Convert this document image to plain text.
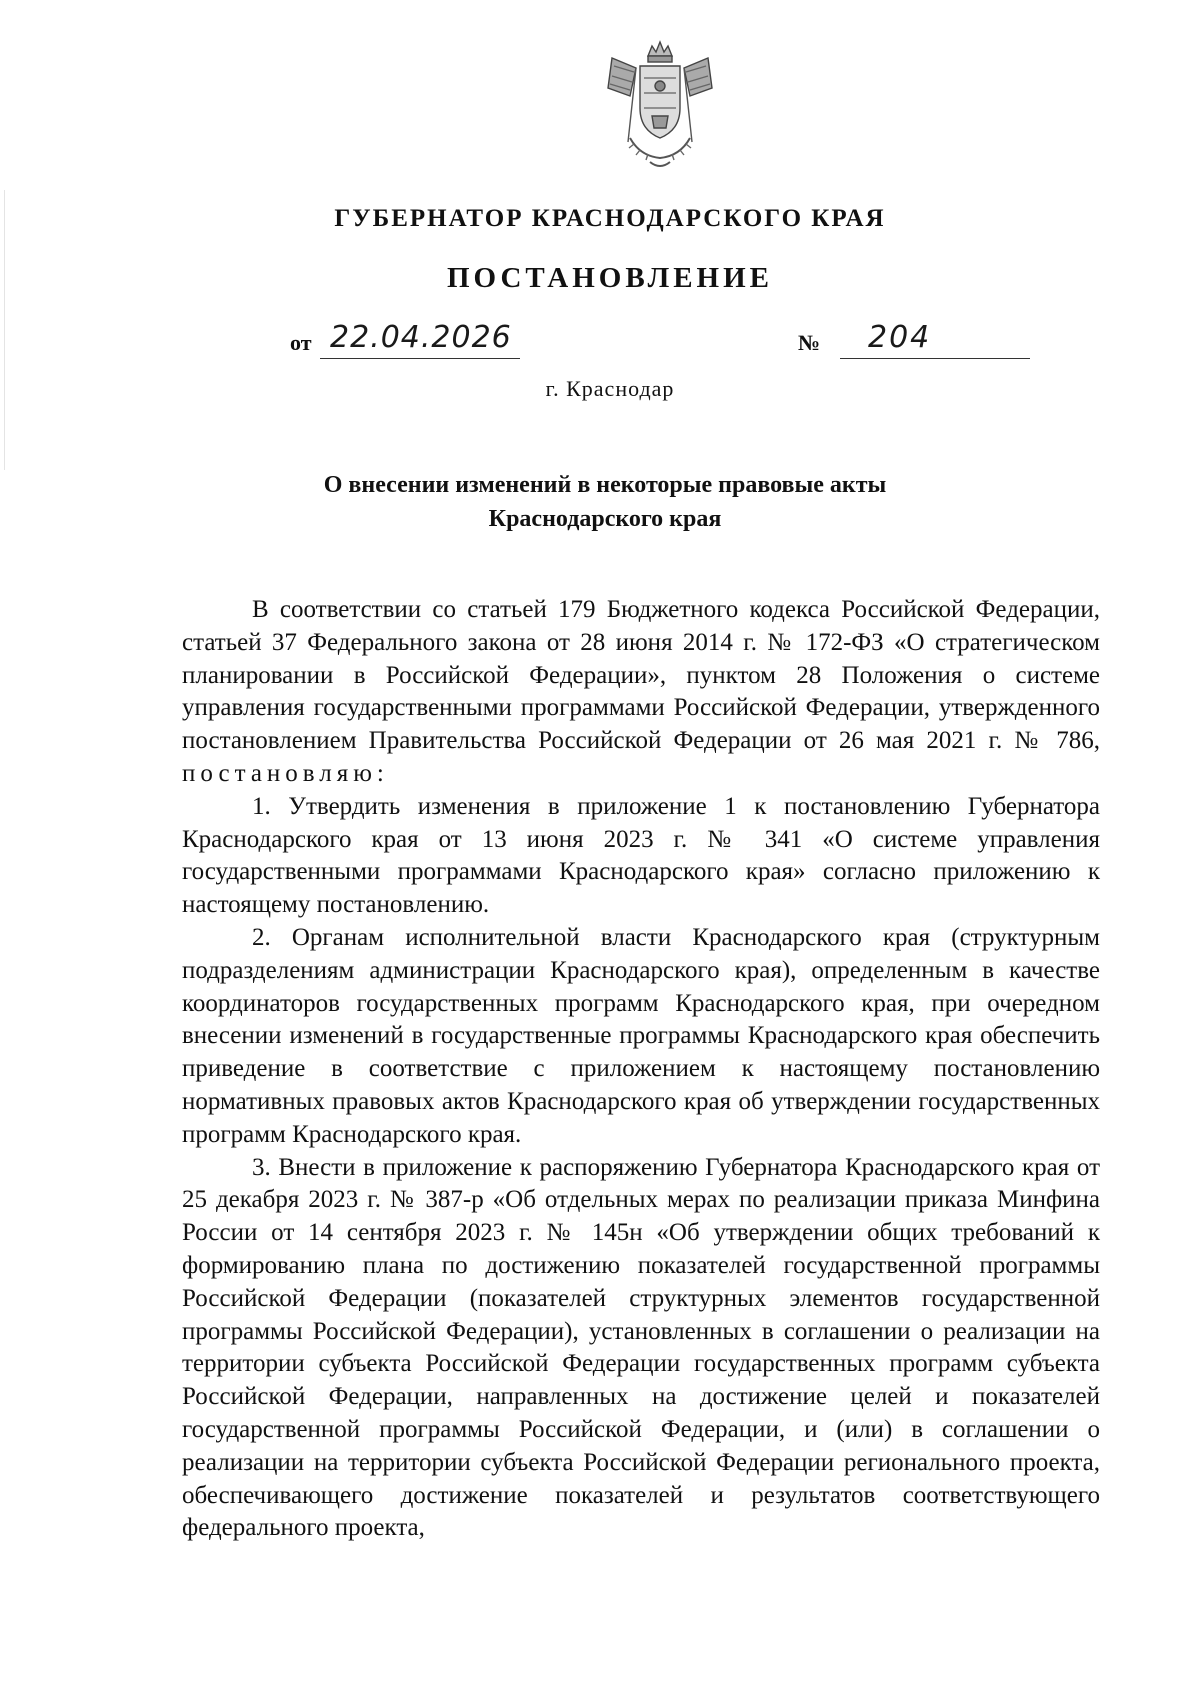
ГУБЕРНАТОР КРАСНОДАРСКОГО КРАЯ
ПОСТАНОВЛЕНИЕ
от 22.04.2026	№ 204
г. Краснодар
О внесении изменений в некоторые правовые акты
Краснодарского края

В соответствии со статьей 179 Бюджетного кодекса Российской Федерации, статьей 37 Федерального закона от 28 июня 2014 г. № 172-ФЗ «О стратегическом планировании в Российской Федерации», пунктом 28 Положения о системе управления государственными программами Российской Федерации, утвержденного постановлением Правительства Российской Федерации от 26 мая 2021 г. № 786, постановляю:

1. Утвердить изменения в приложение 1 к постановлению Губернатора Краснодарского края от 13 июня 2023 г. № 341 «О системе управления государственными программами Краснодарского края» согласно приложению к настоящему постановлению.

2. Органам исполнительной власти Краснодарского края (структурным подразделениям администрации Краснодарского края), определенным в качестве координаторов государственных программ Краснодарского края, при очередном внесении изменений в государственные программы Краснодарского края обеспечить приведение в соответствие с приложением к настоящему постановлению нормативных правовых актов Краснодарского края об утверждении государственных программ Краснодарского края.

3. Внести в приложение к распоряжению Губернатора Краснодарского края от 25 декабря 2023 г. № 387-р «Об отдельных мерах по реализации приказа Минфина России от 14 сентября 2023 г. № 145н «Об утверждении общих требований к формированию плана по достижению показателей государственной программы Российской Федерации (показателей структурных элементов государственной программы Российской Федерации), установленных в соглашении о реализации на территории субъекта Российской Федерации государственных программ субъекта Российской Федерации, направленных на достижение целей и показателей государственной программы Российской Федерации, и (или) в соглашении о реализации на территории субъекта Российской Федерации регионального проекта, обеспечивающего достижение показателей и результатов соответствующего федерального проекта,
